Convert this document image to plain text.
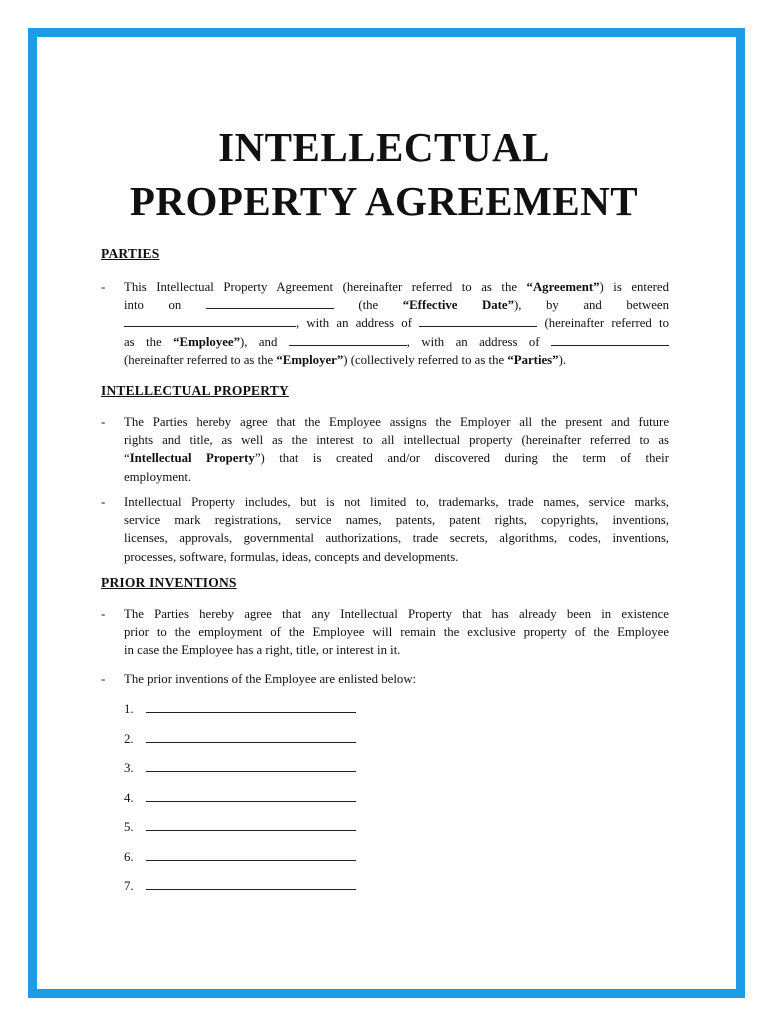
INTELLECTUAL
PROPERTY AGREEMENT
PARTIES
- This Intellectual Property Agreement (hereinafter referred to as the “Agreement”) is entered
into on	(the “Effective Date”), by and between
, with an address of	(hereinafter referred to
as the “Employee”), and	, with an address of
(hereinafter referred to as the “Employer”) (collectively referred to as the “Parties”).
INTELLECTUAL PROPERTY
- The Parties hereby agree that the Employee assigns the Employer all the present and future
rights and title, as well as the interest to all intellectual property (hereinafter referred to as
“Intellectual Property”) that is created and/or discovered during the term of their
employment.
- Intellectual Property includes, but is not limited to, trademarks, trade names, service marks,
service mark registrations, service names, patents, patent rights, copyrights, inventions,
licenses, approvals, governmental authorizations, trade secrets, algorithms, codes, inventions,
processes, software, formulas, ideas, concepts and developments.
PRIOR INVENTIONS
- The Parties hereby agree that any Intellectual Property that has already been in existence
prior to the employment of the Employee will remain the exclusive property of the Employee
in case the Employee has a right, title, or interest in it.
- The prior inventions of the Employee are enlisted below:
1.
2.
3.
4.
5.
6.
7.
